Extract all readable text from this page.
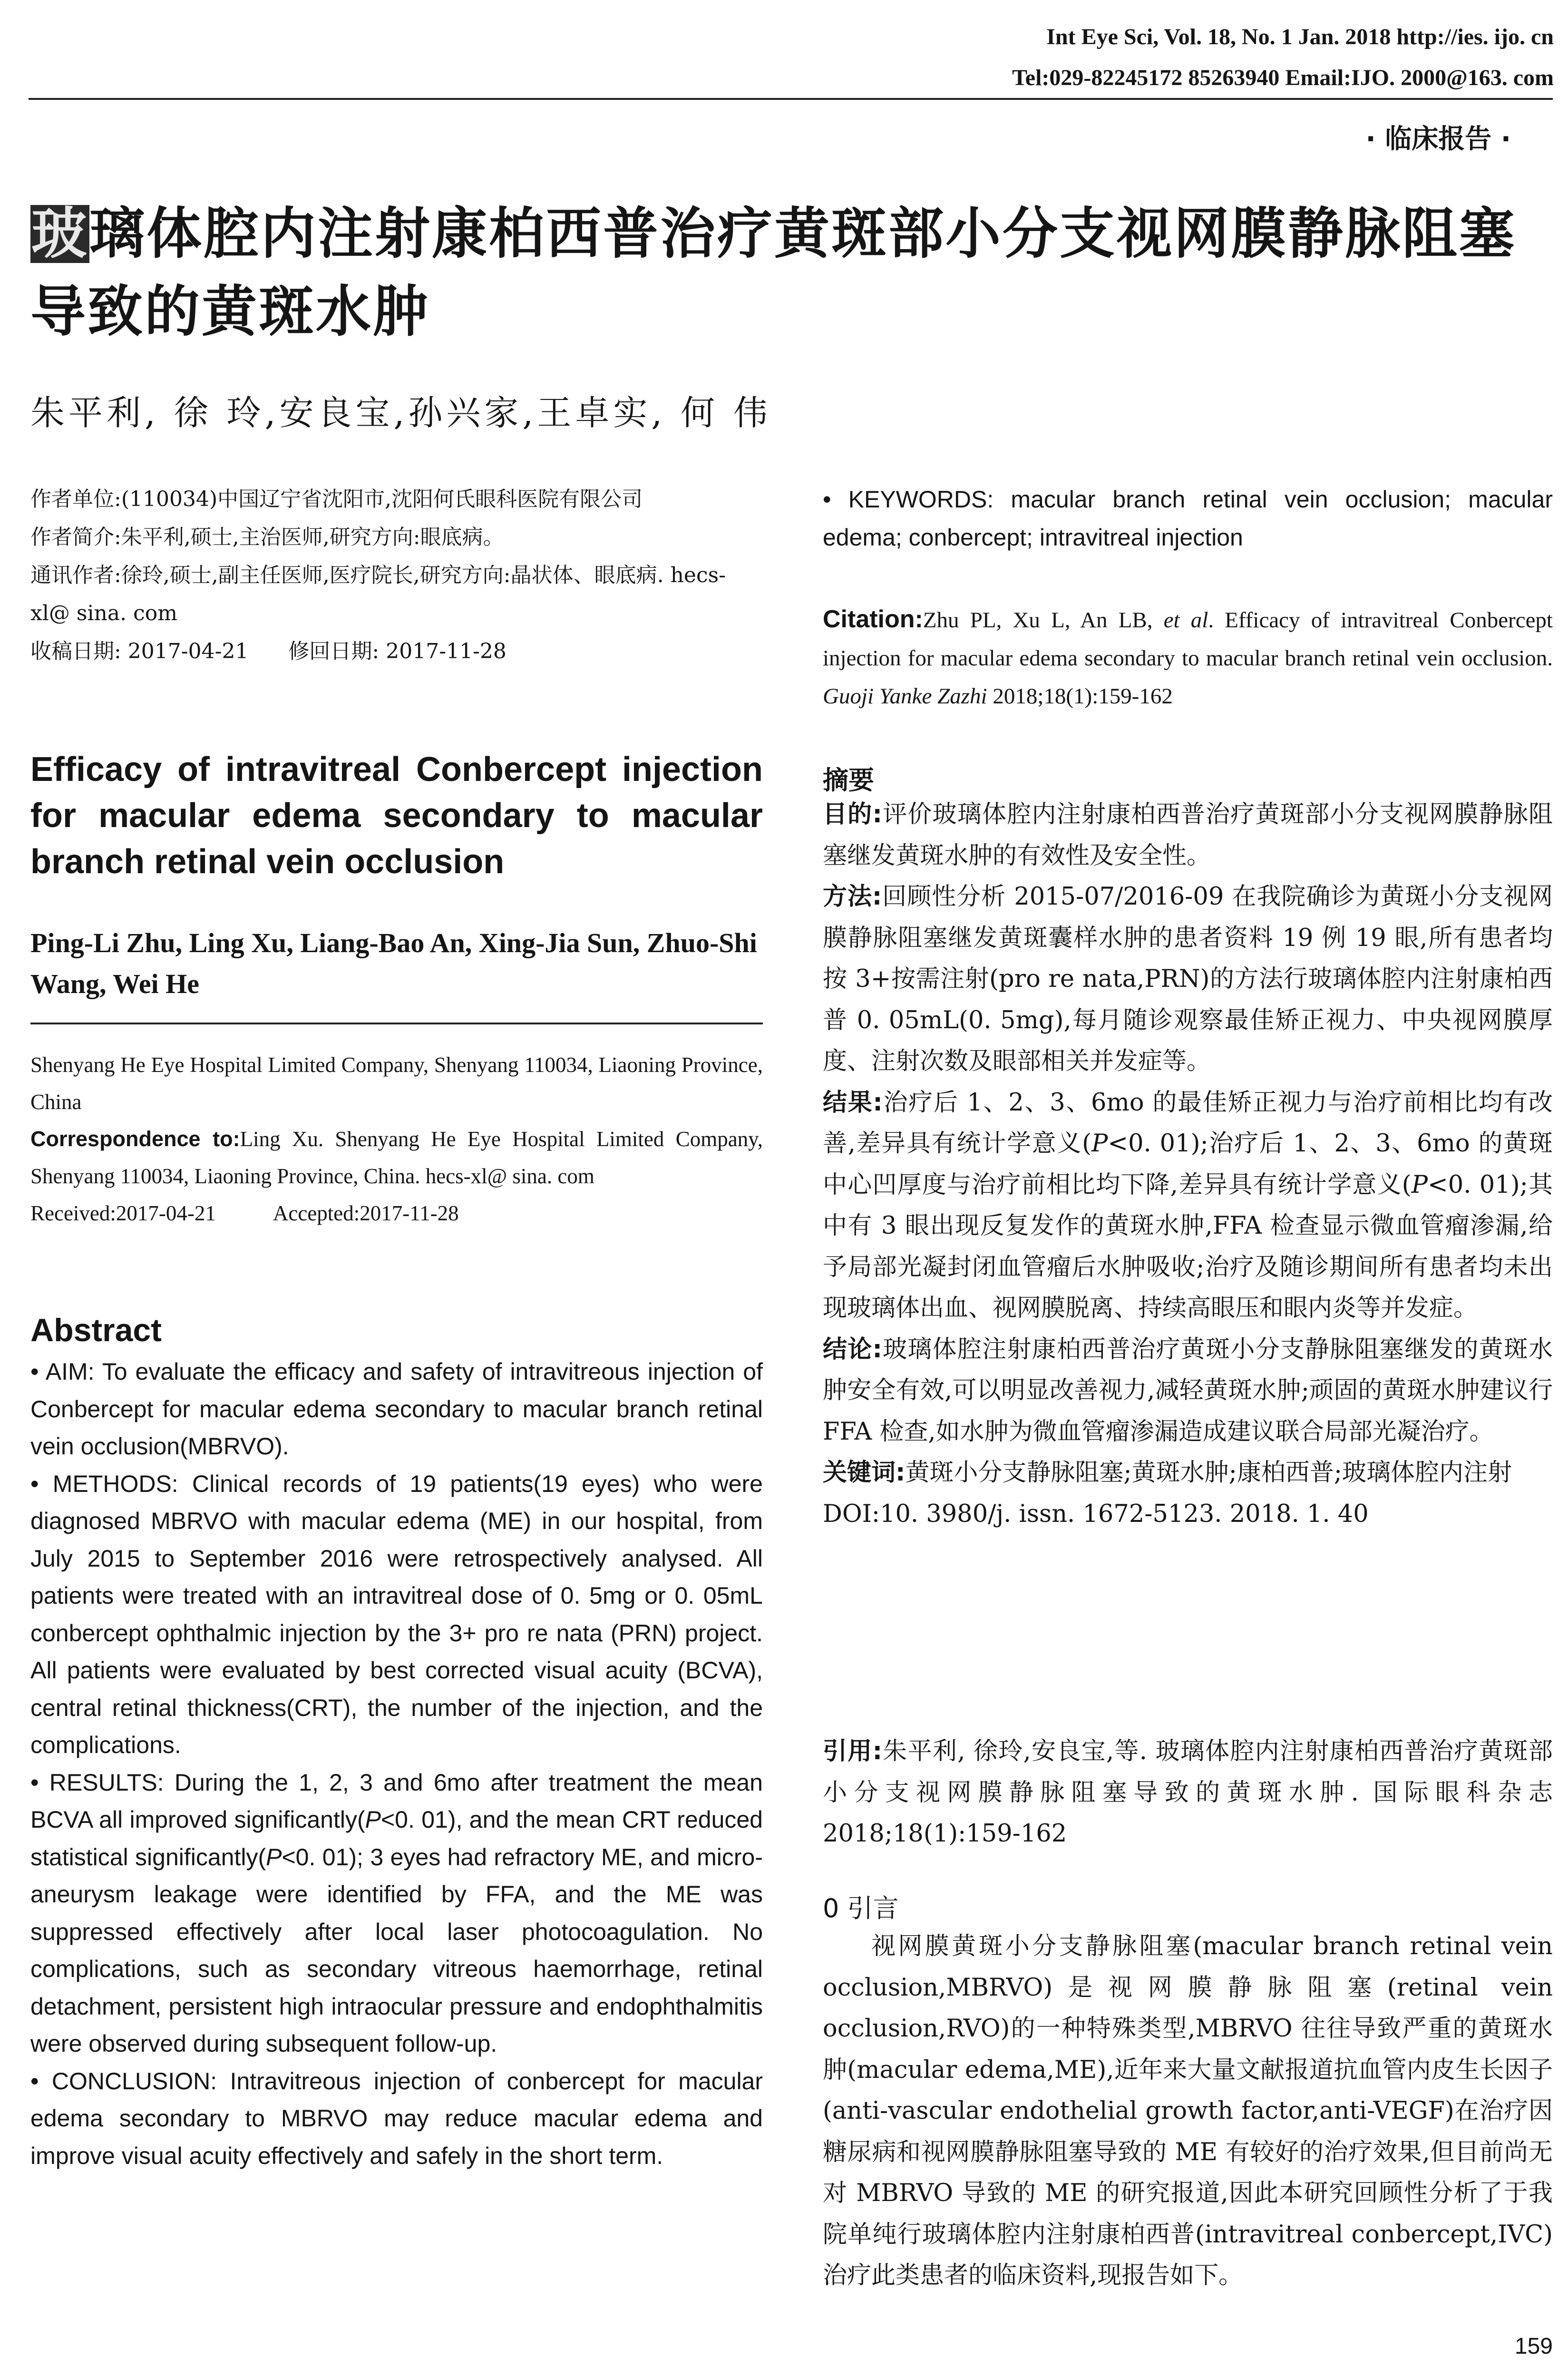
Int Eye Sci, Vol. 18, No. 1 Jan. 2018 http://ies. ijo. cn
Tel:029-82245172 85263940 Email:IJO. 2000@163. com
· 临床报告 ·
玻璃体腔内注射康柏西普治疗黄斑部小分支视网膜静脉阻塞导致的黄斑水肿
朱平利, 徐 玲,安良宝,孙兴家,王卓实, 何 伟
作者单位:(110034)中国辽宁省沈阳市,沈阳何氏眼科医院有限公司
作者简介:朱平利,硕士,主治医师,研究方向:眼底病。
通讯作者:徐玲,硕士,副主任医师,医疗院长,研究方向:晶状体、眼底病. hecs-xl@ sina. com
收稿日期: 2017-04-21      修回日期: 2017-11-28
Efficacy of intravitreal Conbercept injection for macular edema secondary to macular branch retinal vein occlusion
Ping-Li Zhu, Ling Xu, Liang-Bao An, Xing-Jia Sun, Zhuo-Shi Wang, Wei He
Shenyang He Eye Hospital Limited Company, Shenyang 110034, Liaoning Province, China
Correspondence to:Ling Xu. Shenyang He Eye Hospital Limited Company, Shenyang 110034, Liaoning Province, China. hecs-xl@ sina. com
Received:2017-04-21	Accepted:2017-11-28
Abstract

• AIM: To evaluate the efficacy and safety of intravitreous injection of Conbercept for macular edema secondary to macular branch retinal vein occlusion(MBRVO).

• METHODS: Clinical records of 19 patients(19 eyes) who were diagnosed MBRVO with macular edema (ME) in our hospital, from July 2015 to September 2016 were retrospectively analysed. All patients were treated with an intravitreal dose of 0. 5mg or 0. 05mL conbercept ophthalmic injection by the 3+ pro re nata (PRN) project. All patients were evaluated by best corrected visual acuity (BCVA), central retinal thickness(CRT), the number of the injection, and the complications.

• RESULTS: During the 1, 2, 3 and 6mo after treatment the mean BCVA all improved significantly(P<0. 01), and the mean CRT reduced statistical significantly(P<0. 01); 3 eyes had refractory ME, and micro-aneurysm leakage were identified by FFA, and the ME was suppressed effectively after local laser photocoagulation. No complications, such as secondary vitreous haemorrhage, retinal detachment, persistent high intraocular pressure and endophthalmitis were observed during subsequent follow-up.

• CONCLUSION: Intravitreous injection of conbercept for macular edema secondary to MBRVO may reduce macular edema and improve visual acuity effectively and safely in the short term.

• KEYWORDS: macular branch retinal vein occlusion; macular edema; conbercept; intravitreal injection
Citation:Zhu PL, Xu L, An LB, et al. Efficacy of intravitreal Conbercept injection for macular edema secondary to macular branch retinal vein occlusion. Guoji Yanke Zazhi 2018;18(1):159-162
摘要

目的:评价玻璃体腔内注射康柏西普治疗黄斑部小分支视网膜静脉阻塞继发黄斑水肿的有效性及安全性。

方法:回顾性分析 2015-07/2016-09 在我院确诊为黄斑小分支视网膜静脉阻塞继发黄斑囊样水肿的患者资料 19 例 19 眼,所有患者均按 3+按需注射(pro re nata,PRN)的方法行玻璃体腔内注射康柏西普 0. 05mL(0. 5mg),每月随诊观察最佳矫正视力、中央视网膜厚度、注射次数及眼部相关并发症等。

结果:治疗后 1、2、3、6mo 的最佳矫正视力与治疗前相比均有改善,差异具有统计学意义(P<0. 01);治疗后 1、2、3、6mo 的黄斑中心凹厚度与治疗前相比均下降,差异具有统计学意义(P<0. 01);其中有 3 眼出现反复发作的黄斑水肿,FFA 检查显示微血管瘤渗漏,给予局部光凝封闭血管瘤后水肿吸收;治疗及随诊期间所有患者均未出现玻璃体出血、视网膜脱离、持续高眼压和眼内炎等并发症。

结论:玻璃体腔注射康柏西普治疗黄斑小分支静脉阻塞继发的黄斑水肿安全有效,可以明显改善视力,减轻黄斑水肿;顽固的黄斑水肿建议行 FFA 检查,如水肿为微血管瘤渗漏造成建议联合局部光凝治疗。

关键词:黄斑小分支静脉阻塞;黄斑水肿;康柏西普;玻璃体腔内注射

DOI:10. 3980/j. issn. 1672-5123. 2018. 1. 40

引用:朱平利, 徐玲,安良宝,等. 玻璃体腔内注射康柏西普治疗黄斑部小分支视网膜静脉阻塞导致的黄斑水肿. 国际眼科杂志 2018;18(1):159-162
0 引言

视网膜黄斑小分支静脉阻塞(macular branch retinal vein occlusion,MBRVO)是视网膜静脉阻塞(retinal vein occlusion,RVO)的一种特殊类型,MBRVO 往往导致严重的黄斑水肿(macular edema,ME),近年来大量文献报道抗血管内皮生长因子(anti-vascular endothelial growth factor,anti-VEGF)在治疗因糖尿病和视网膜静脉阻塞导致的 ME 有较好的治疗效果,但目前尚无对 MBRVO 导致的 ME 的研究报道,因此本研究回顾性分析了于我院单纯行玻璃体腔内注射康柏西普(intravitreal conbercept,IVC)治疗此类患者的临床资料,现报告如下。

159
